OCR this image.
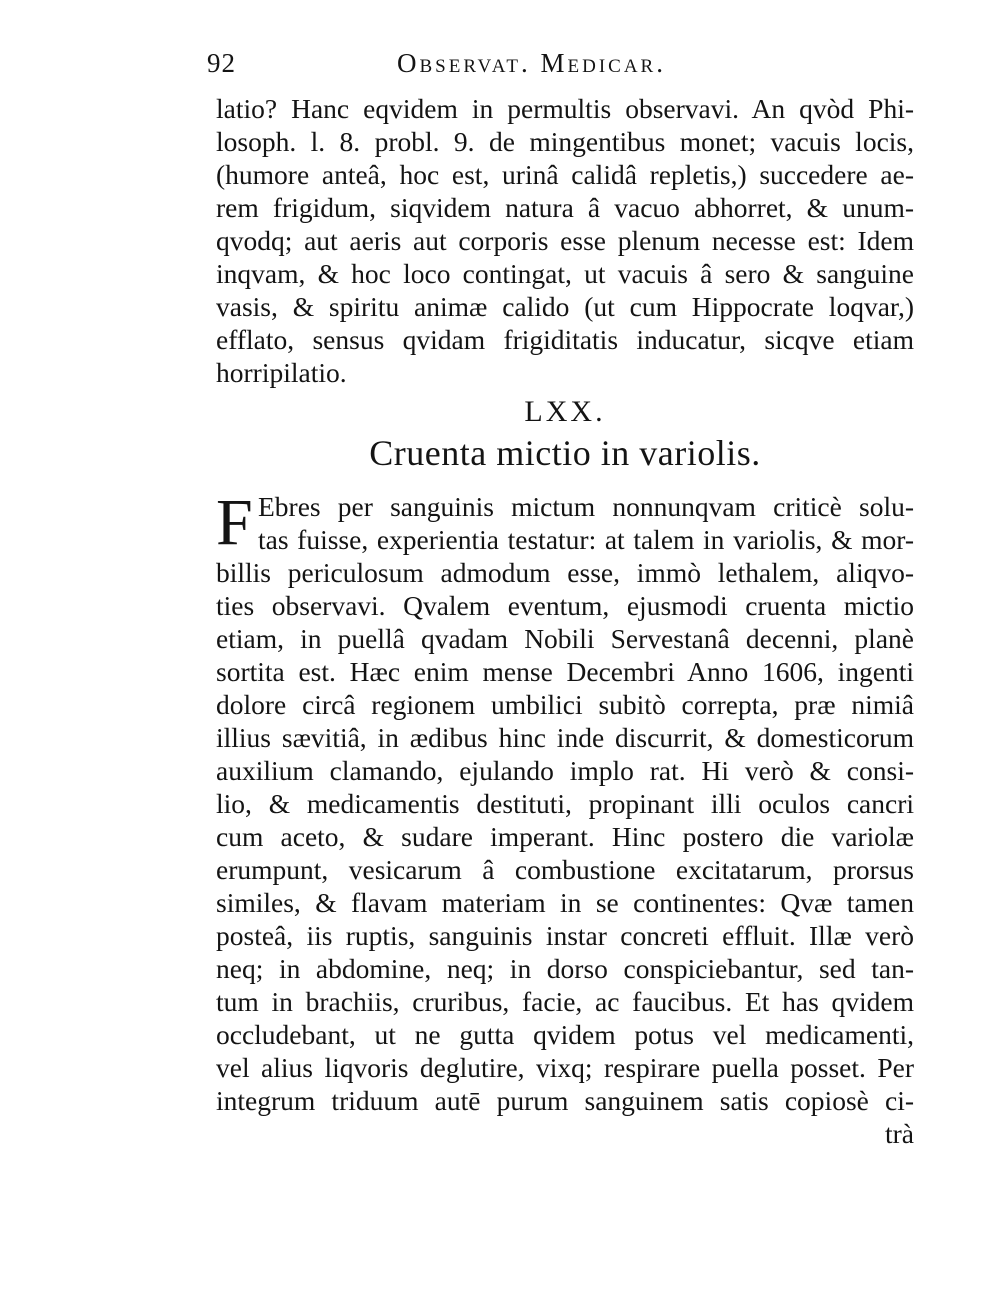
92	Observat. Medicar.
latio? Hanc eqvidem in permultis observavi. An qvòd Phi-
losoph. l. 8. probl. 9. de mingentibus monet; vacuis locis,
(humore anteâ, hoc est, urinâ calidâ repletis,) succedere ae-
rem frigidum, siqvidem natura â vacuo abhorret, & unum-
qvodq; aut aeris aut corporis esse plenum necesse est: Idem
inqvam, & hoc loco contingat, ut vacuis â sero & sanguine
vasis, & spiritu animæ calido (ut cum Hippocrate loqvar,)
efflato, sensus qvidam frigiditatis inducatur, sicqve etiam
horripilatio.
LXX.
Cruenta mictio in variolis.
F Ebres per sanguinis mictum nonnunqvam criticè solu-
tas fuisse, experientia testatur: at talem in variolis, & mor-
billis periculosum admodum esse, immò lethalem, aliqvo-
ties observavi. Qvalem eventum, ejusmodi cruenta mictio
etiam, in puellâ qvadam Nobili Servestanâ decenni, planè
sortita est. Hæc enim mense Decembri Anno 1606, ingenti
dolore circâ regionem umbilici subitò correpta, præ nimiâ
illius sævitiâ, in ædibus hinc inde discurrit, & domesticorum
auxilium clamando, ejulando implo rat. Hi verò & consi-
lio, & medicamentis destituti, propinant illi oculos cancri
cum aceto, & sudare imperant. Hinc postero die variolæ
erumpunt, vesicarum â combustione excitatarum, prorsus
similes, & flavam materiam in se continentes: Qvæ tamen
posteâ, iis ruptis, sanguinis instar concreti effluit. Illæ verò
neq; in abdomine, neq; in dorso conspiciebantur, sed tan-
tum in brachiis, cruribus, facie, ac faucibus. Et has qvidem
occludebant, ut ne gutta qvidem potus vel medicamenti,
vel alius liqvoris deglutire, vixq; respirare puella posset. Per
integrum triduum autē purum sanguinem satis copiosè ci-
trà
